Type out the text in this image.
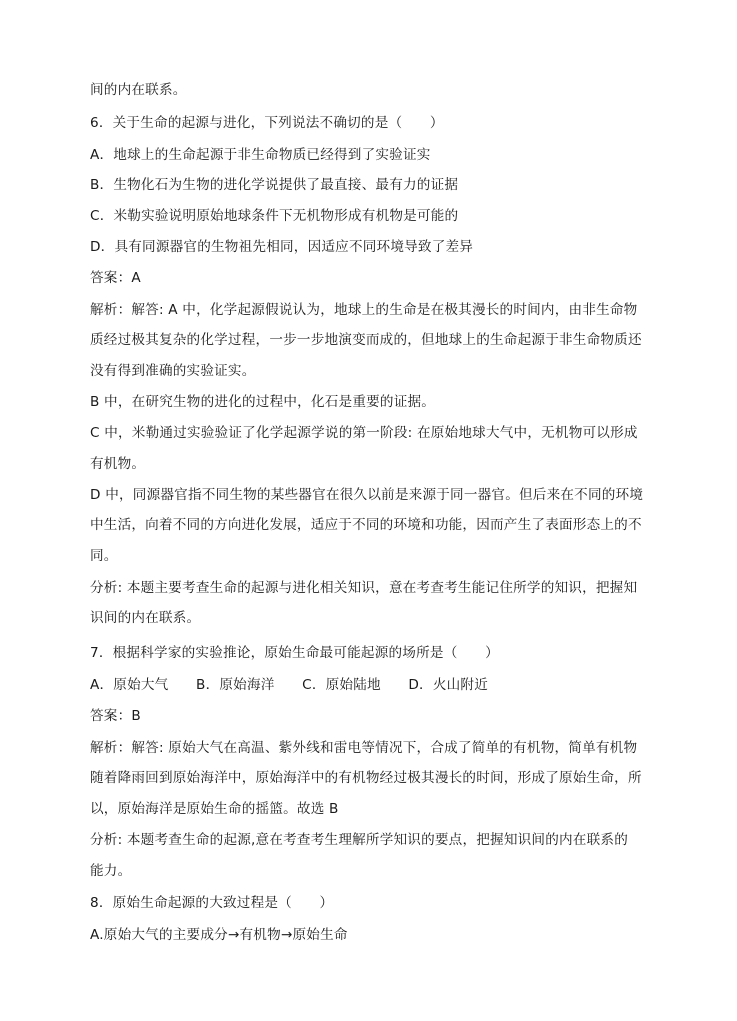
间的内在联系。
6．关于生命的起源与进化，下列说法不确切的是（　　）
A．地球上的生命起源于非生命物质已经得到了实验证实
B．生物化石为生物的进化学说提供了最直接、最有力的证据
C．米勒实验说明原始地球条件下无机物形成有机物是可能的
D．具有同源器官的生物祖先相同，因适应不同环境导致了差异
答案：A
解析：解答: A 中，化学起源假说认为，地球上的生命是在极其漫长的时间内，由非生命物
质经过极其复杂的化学过程，一步一步地演变而成的，但地球上的生命起源于非生命物质还
没有得到准确的实验证实。
B 中，在研究生物的进化的过程中，化石是重要的证据。
C 中，米勒通过实验验证了化学起源学说的第一阶段: 在原始地球大气中，无机物可以形成
有机物。
D 中，同源器官指不同生物的某些器官在很久以前是来源于同一器官。但后来在不同的环境
中生活，向着不同的方向进化发展，适应于不同的环境和功能，因而产生了表面形态上的不
同。
分析: 本题主要考查生命的起源与进化相关知识，意在考查考生能记住所学的知识，把握知
识间的内在联系。
7．根据科学家的实验推论，原始生命最可能起源的场所是（　　）
A．原始大气　　B．原始海洋　　C．原始陆地　　D．火山附近
答案：B
解析：解答: 原始大气在高温、紫外线和雷电等情况下，合成了简单的有机物，简单有机物
随着降雨回到原始海洋中，原始海洋中的有机物经过极其漫长的时间，形成了原始生命，所
以，原始海洋是原始生命的摇篮。故选 B
分析: 本题考查生命的起源,意在考查考生理解所学知识的要点，把握知识间的内在联系的
能力。
8．原始生命起源的大致过程是（　　）
A.原始大气的主要成分→有机物→原始生命
